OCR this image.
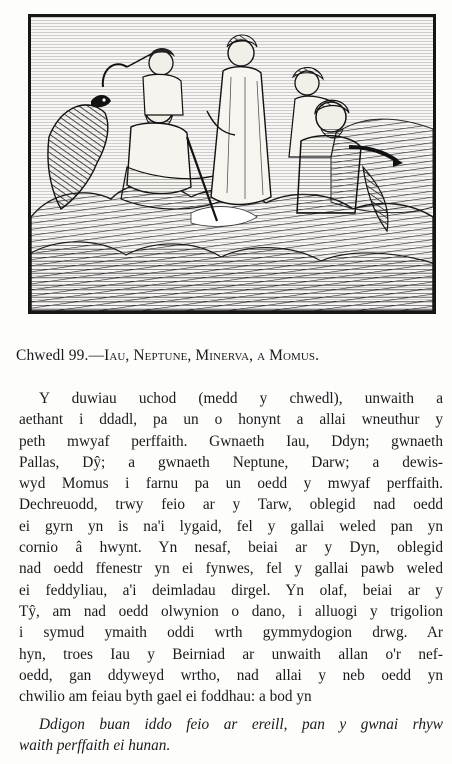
Chwedl 99.—Iau, Neptune, Minerva, a Momus.
Y duwiau uchod (medd y chwedl), unwaith a
aethant i ddadl, pa un o honynt a allai wneuthur y
peth mwyaf perffaith. Gwnaeth Iau, Ddyn; gwnaeth
Pallas, Dŷ; a gwnaeth Neptune, Darw; a dewis-
wyd Momus i farnu pa un oedd y mwyaf perffaith.
Dechreuodd, trwy feio ar y Tarw, oblegid nad oedd
ei gyrn yn is na'i lygaid, fel y gallai weled pan yn
cornio â hwynt. Yn nesaf, beiai ar y Dyn, oblegid
nad oedd ffenestr yn ei fynwes, fel y gallai pawb weled
ei feddyliau, a'i deimladau dirgel. Yn olaf, beiai ar y
Tŷ, am nad oedd olwynion o dano, i alluogi y trigolion
i symud ymaith oddi wrth gymmydogion drwg. Ar
hyn, troes Iau y Beirniad ar unwaith allan o'r nef-
oedd, gan ddyweyd wrtho, nad allai y neb oedd yn
chwilio am feiau byth gael ei foddhau: a bod yn
Ddigon buan iddo feio ar ereill, pan y gwnai rhyw
waith perffaith ei hunan.
